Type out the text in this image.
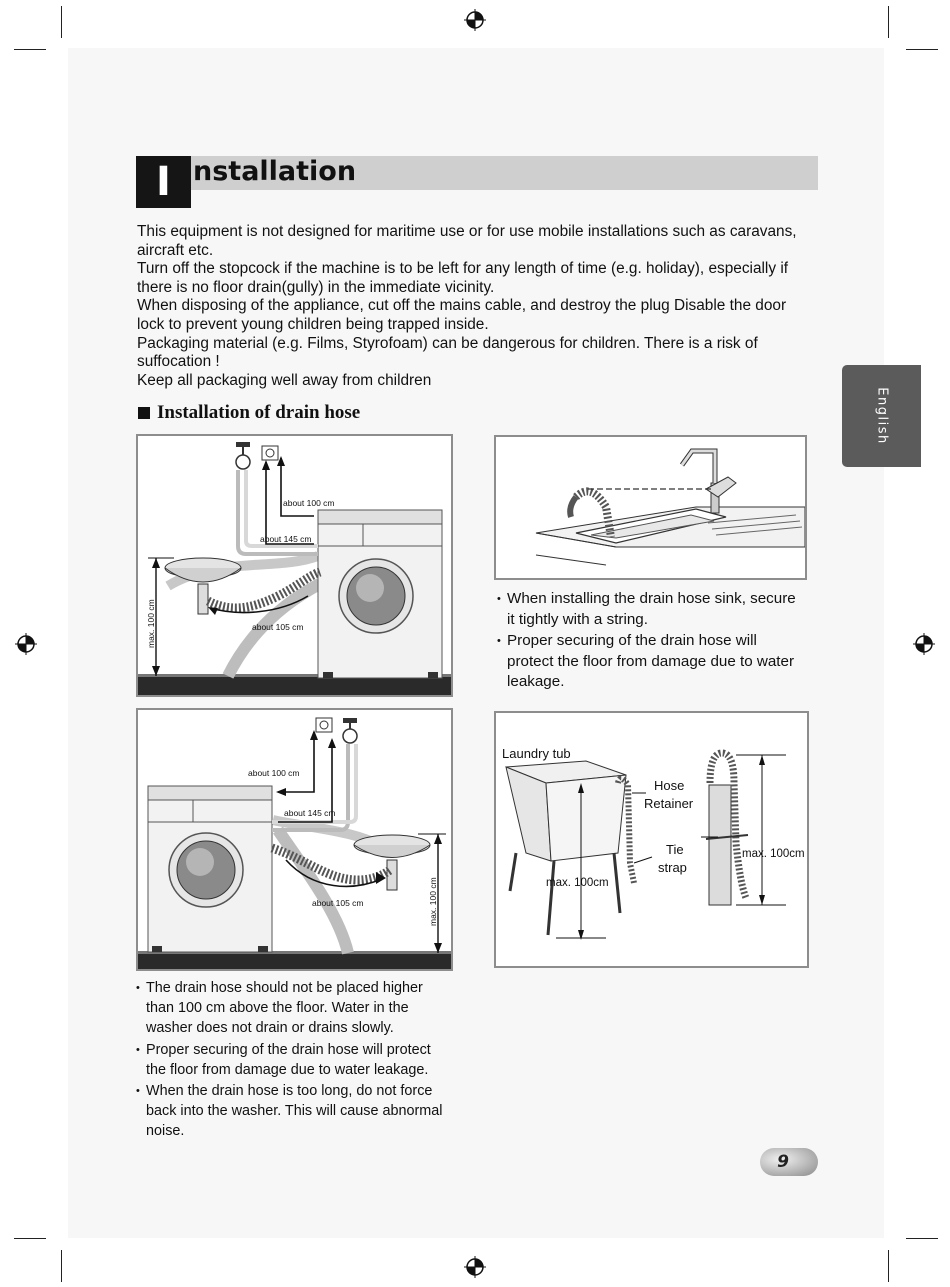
I nstallation

This equipment is not designed for maritime use or for use mobile installations such as caravans, aircraft etc.

Turn off the stopcock if the machine is to be left for any length of time (e.g. holiday), especially if there is no floor drain(gully) in the immediate vicinity.

When disposing of the appliance, cut off the mains cable, and destroy the plug Disable the door lock to prevent young children being trapped inside.

Packaging material (e.g. Films, Styrofoam) can be dangerous for children. There is a risk of suffocation !

Keep all packaging well away from children

Installation of drain hose	English
about 100 cm
about 145 cm
about 105 cm
max. 100 cm
• When installing the drain hose sink, secure it tightly with a string.
• Proper securing of the drain hose will protect the floor from damage due to water leakage.
about 100 cm
about 145 cm
about 105 cm	max. 100 cm
Laundry tub
Hose
Retainer
Tie
strap
max. 100cm
max. 100cm
• The drain hose should not be placed higher than 100 cm above the floor. Water in the washer does not drain or drains slowly.
• Proper securing of the drain hose will protect the floor from damage due to water leakage.
• When the drain hose is too long, do not force back into the washer. This will cause abnormal noise.
9
